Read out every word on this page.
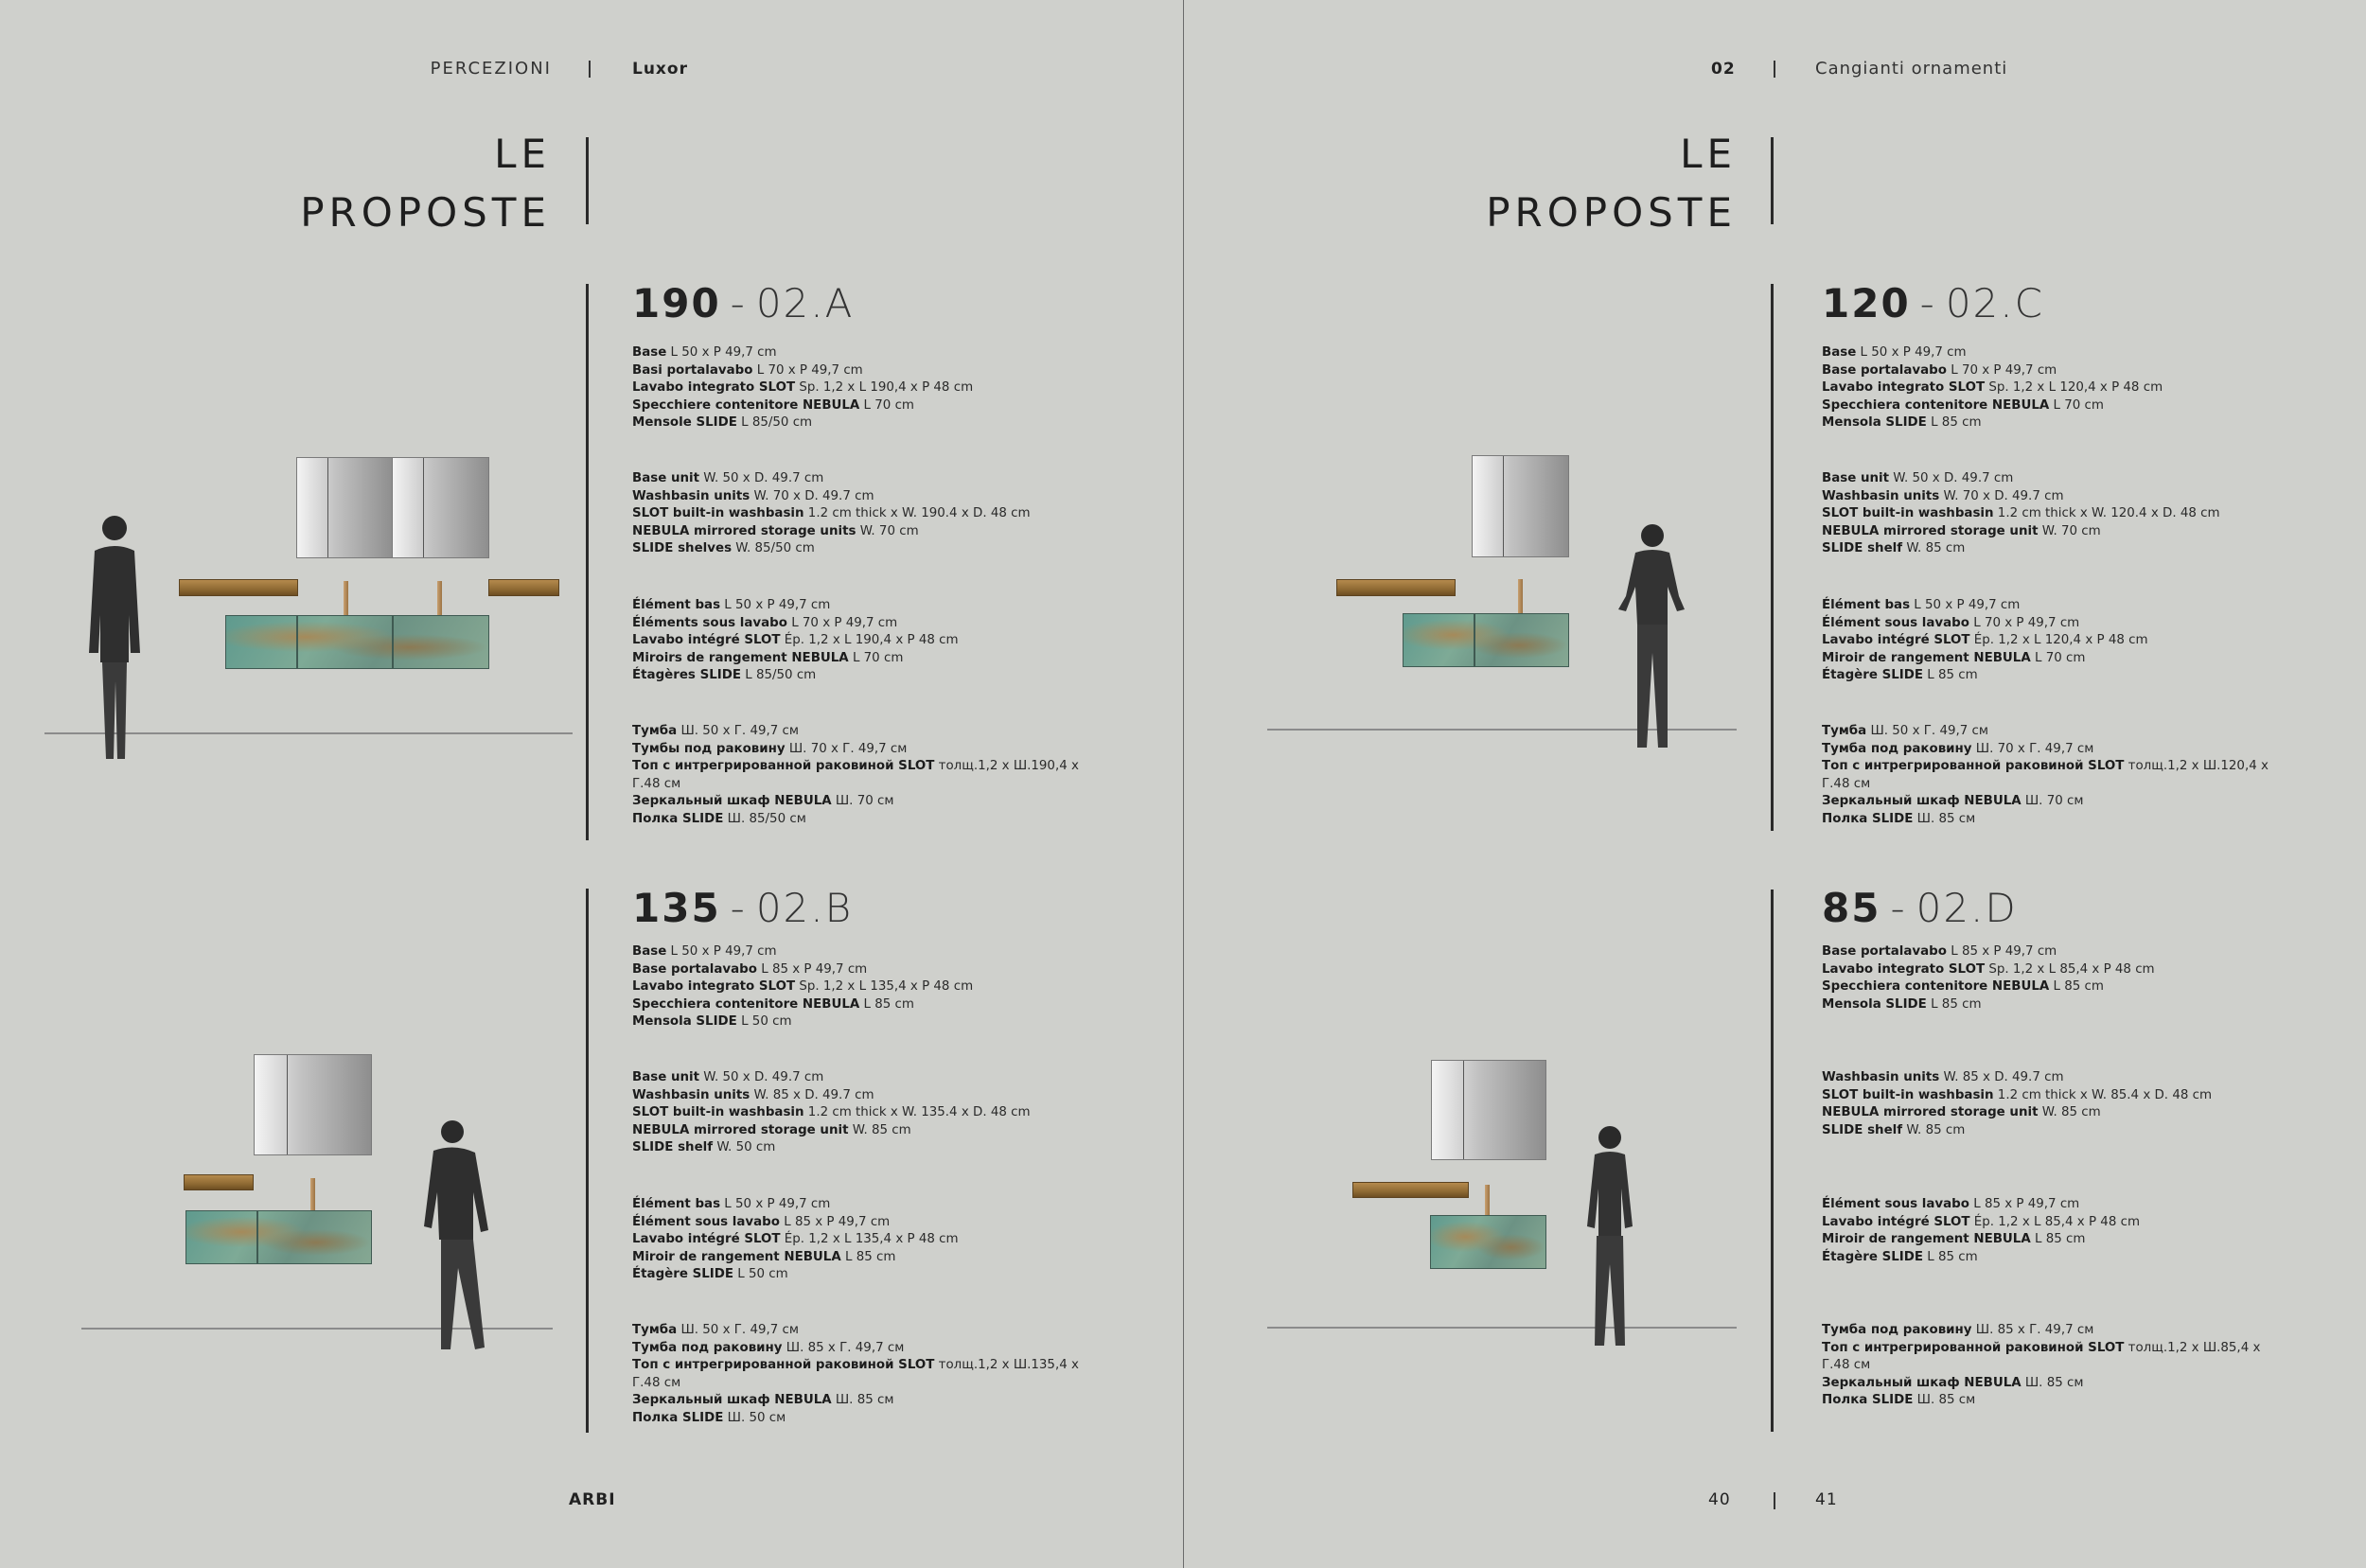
PERCEZIONI	Luxor
LE
PROPOSTE
190 - 02.A
Base L 50 x P 49,7 cm
Basi portalavabo L 70 x P 49,7 cm
Lavabo integrato SLOT Sp. 1,2 x L 190,4 x P 48 cm
Specchiere contenitore NEBULA L 70 cm
Mensole SLIDE L 85/50 cm
Base unit W. 50 x D. 49.7 cm
Washbasin units W. 70 x D. 49.7 cm
SLOT built-in washbasin 1.2 cm thick x W. 190.4 x D. 48 cm
NEBULA mirrored storage units W. 70 cm
SLIDE shelves W. 85/50 cm
Élément bas L 50 x P 49,7 cm
Éléments sous lavabo L 70 x P 49,7 cm
Lavabo intégré SLOT Ép. 1,2 x L 190,4 x P 48 cm
Miroirs de rangement NEBULA L 70 cm
Étagères SLIDE L 85/50 cm
Тумба Ш. 50 x Г. 49,7 см
Тумбы под раковину Ш. 70 x Г. 49,7 см
Топ с интрегрированной раковиной SLOT толщ.1,2 x Ш.190,4 x Г.48 см
Зеркальный шкаф NEBULA Ш. 70 см
Полка SLIDE Ш. 85/50 см
135 - 02.B
Base L 50 x P 49,7 cm
Base portalavabo L 85 x P 49,7 cm
Lavabo integrato SLOT Sp. 1,2 x L 135,4 x P 48 cm
Specchiera contenitore NEBULA L 85 cm
Mensola SLIDE L 50 cm
Base unit W. 50 x D. 49.7 cm
Washbasin units W. 85 x D. 49.7 cm
SLOT built-in washbasin 1.2 cm thick x W. 135.4 x D. 48 cm
NEBULA mirrored storage unit W. 85 cm
SLIDE shelf W. 50 cm
Élément bas L 50 x P 49,7 cm
Élément sous lavabo L 85 x P 49,7 cm
Lavabo intégré SLOT Ép. 1,2 x L 135,4 x P 48 cm
Miroir de rangement NEBULA L 85 cm
Étagère SLIDE L 50 cm
Тумба Ш. 50 x Г. 49,7 см
Тумба под раковину Ш. 85 x Г. 49,7 см
Топ с интрегрированной раковиной SLOT толщ.1,2 x Ш.135,4 x Г.48 см
Зеркальный шкаф NEBULA Ш. 85 см
Полка SLIDE Ш. 50 см
ARBI
02	Cangianti ornamenti
LE
PROPOSTE
120 - 02.C
Base L 50 x P 49,7 cm
Base portalavabo L 70 x P 49,7 cm
Lavabo integrato SLOT Sp. 1,2 x L 120,4 x P 48 cm
Specchiera contenitore NEBULA L 70 cm
Mensola SLIDE L 85 cm
Base unit W. 50 x D. 49.7 cm
Washbasin units W. 70 x D. 49.7 cm
SLOT built-in washbasin 1.2 cm thick x W. 120.4 x D. 48 cm
NEBULA mirrored storage unit W. 70 cm
SLIDE shelf W. 85 cm
Élément bas L 50 x P 49,7 cm
Élément sous lavabo L 70 x P 49,7 cm
Lavabo intégré SLOT Ép. 1,2 x L 120,4 x P 48 cm
Miroir de rangement NEBULA L 70 cm
Étagère SLIDE L 85 cm
Тумба Ш. 50 x Г. 49,7 см
Тумба под раковину Ш. 70 x Г. 49,7 см
Топ с интрегрированной раковиной SLOT толщ.1,2 x Ш.120,4 x Г.48 см
Зеркальный шкаф NEBULA Ш. 70 см
Полка SLIDE Ш. 85 см
85 - 02.D
Base portalavabo L 85 x P 49,7 cm
Lavabo integrato SLOT Sp. 1,2 x L 85,4 x P 48 cm
Specchiera contenitore NEBULA L 85 cm
Mensola SLIDE L 85 cm
Washbasin units W. 85 x D. 49.7 cm
SLOT built-in washbasin 1.2 cm thick x W. 85.4 x D. 48 cm
NEBULA mirrored storage unit W. 85 cm
SLIDE shelf W. 85 cm
Élément sous lavabo L 85 x P 49,7 cm
Lavabo intégré SLOT Ép. 1,2 x L 85,4 x P 48 cm
Miroir de rangement NEBULA L 85 cm
Étagère SLIDE L 85 cm
Тумба под раковину Ш. 85 x Г. 49,7 см
Топ с интрегрированной раковиной SLOT толщ.1,2 x Ш.85,4 x Г.48 см
Зеркальный шкаф NEBULA Ш. 85 см
Полка SLIDE Ш. 85 см
40	41
